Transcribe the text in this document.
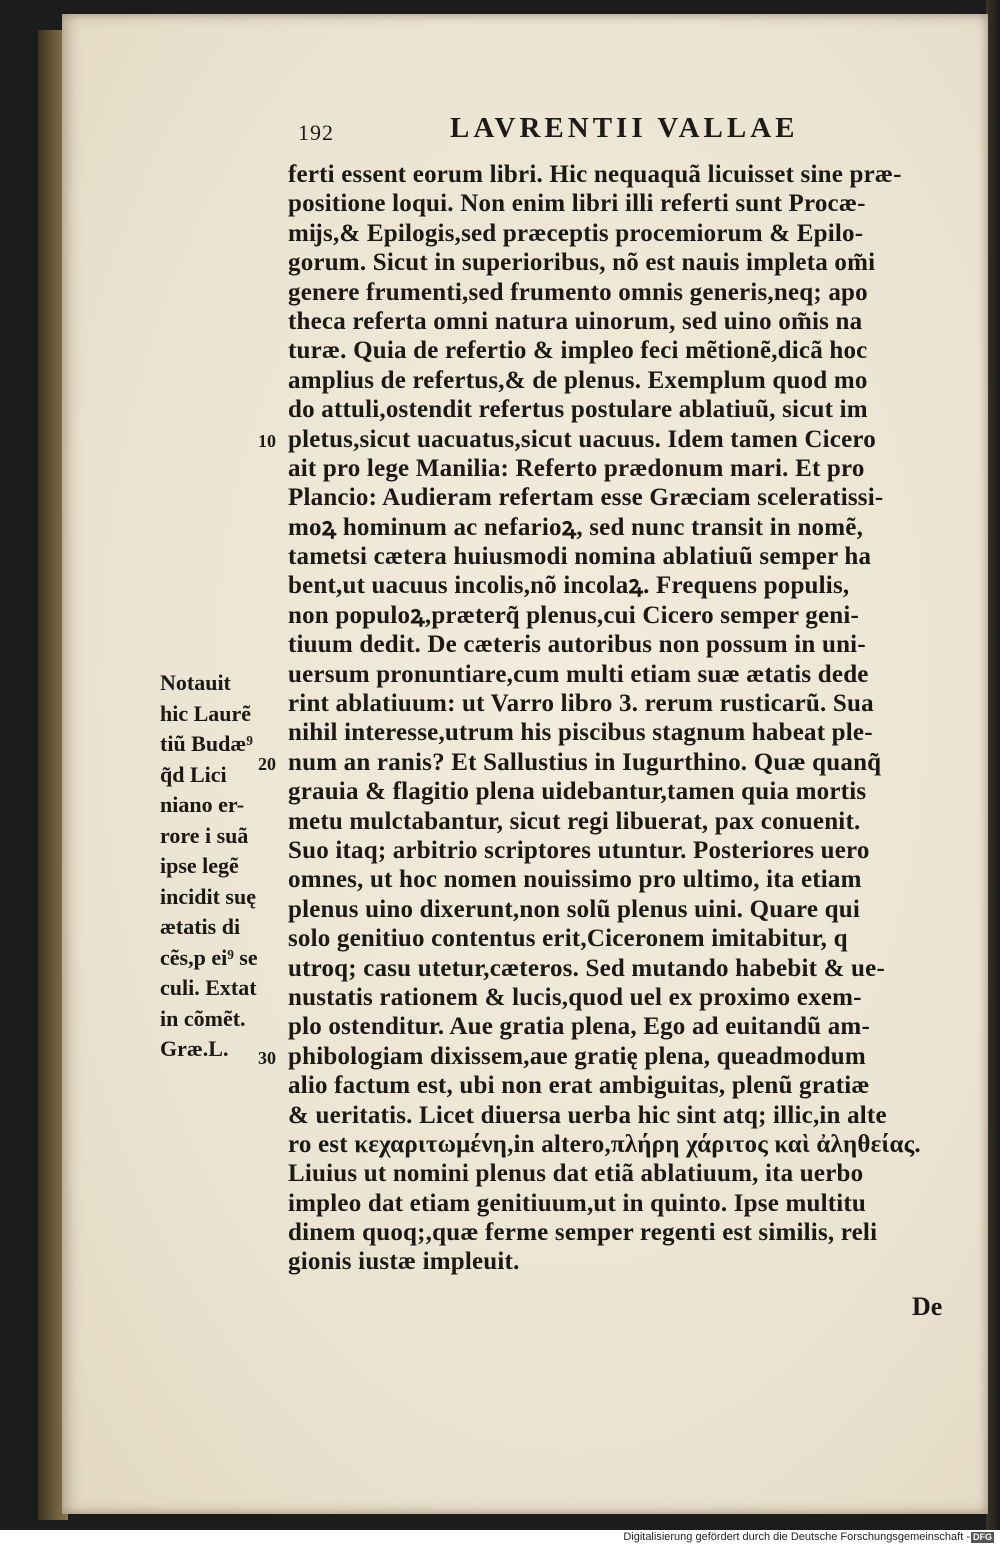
192	LAVRENTII VALLAE
ferti essent eorum libri. Hic nequaquã licuisset sine præ-
positione loqui. Non enim libri illi referti sunt Procæ-
mĳs,& Epilogis,sed præceptis procemiorum & Epilo-
gorum. Sicut in superioribus, nõ est nauis impleta om̃i
genere frumenti,sed frumento omnis generis,neq; apo
theca referta omni natura uinorum, sed uino om̃is na
turæ. Quia de refertio & impleo feci mẽtionẽ,dicã hoc
amplius de refertus,& de plenus. Exemplum quod mo
do attuli,ostendit refertus postulare ablatiuũ, sicut im
pletus,sicut uacuatus,sicut uacuus. Idem tamen Cicero
ait pro lege Manilia: Referto prædonum mari. Et pro
Plancio: Audieram refertam esse Græciam sceleratissi-
moꝝ hominum ac nefarioꝝ, sed nunc transit in nomẽ,
tametsi cætera huiusmodi nomina ablatiuũ semper ha
bent,ut uacuus incolis,nõ incolaꝝ. Frequens populis,
non populoꝝ,præterq̃ plenus,cui Cicero semper geni-
tiuum dedit. De cæteris autoribus non possum in uni-
uersum pronuntiare,cum multi etiam suæ ætatis dede
rint ablatiuum: ut Varro libro 3. rerum rusticarũ. Sua
nihil interesse,utrum his piscibus stagnum habeat ple-
num an ranis? Et Sallustius in Iugurthino. Quæ quanq̃
grauia & flagitio plena uidebantur,tamen quia mortis
metu mulctabantur, sicut regi libuerat, pax conuenit.
Suo itaq; arbitrio scriptores utuntur. Posteriores uero
omnes, ut hoc nomen nouissimo pro ultimo, ita etiam
plenus uino dixerunt,non solũ plenus uini. Quare qui
solo genitiuo contentus erit,Ciceronem imitabitur, q
utroq; casu utetur,cæteros. Sed mutando habebit & ue-
nustatis rationem & lucis,quod uel ex proximo exem-
plo ostenditur. Aue gratia plena, Ego ad euitandũ am-
phibologiam dixissem,aue gratię plena, queadmodum
alio factum est, ubi non erat ambiguitas, plenũ gratiæ
& ueritatis. Licet diuersa uerba hic sint atq; illic,in alte
ro est κεχαριτωμένη,in altero,πλήρη χάριτος καὶ ἀληθείας.
Liuius ut nomini plenus dat etiã ablatiuum, ita uerbo
impleo dat etiam genitiuum,ut in quinto. Ipse multitu
dinem quoq;,quæ ferme semper regenti est similis, reli
gionis iustæ impleuit.
10
20
30
Notauit
hic Laurẽ
tiũ Budæ⁹
q̃d Lici
niano er-
rore i suã
ipse legẽ
incidit suę
ætatis di
cẽs,p ei⁹ se
culi. Extat
in cõmẽt.
Græ.L.
De
Digitalisierung gefördert durch die Deutsche Forschungsgemeinschaft - DFG
